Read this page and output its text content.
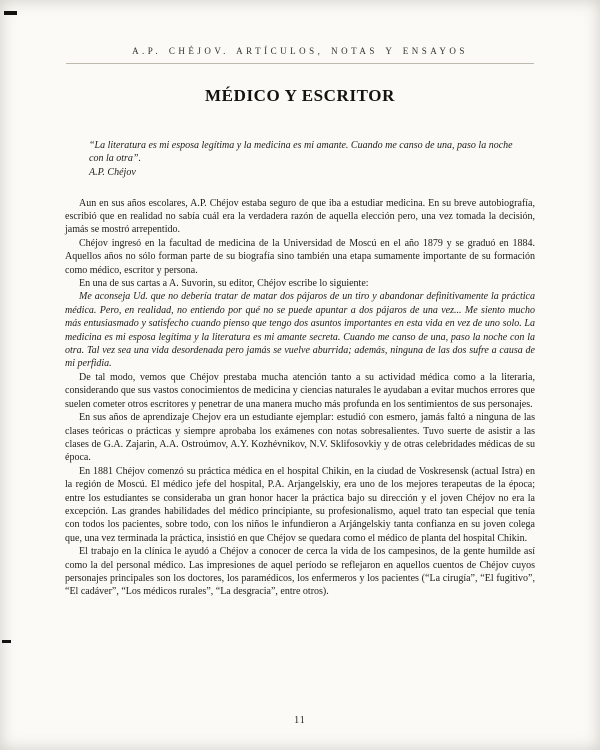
A.P. CHÉJOV. ARTÍCULOS, NOTAS Y ENSAYOS
MÉDICO Y ESCRITOR

“La literatura es mi esposa legítima y la medicina es mi amante. Cuando me canso de una, paso la noche con la otra”.

A.P. Chéjov

Aun en sus años escolares, A.P. Chéjov estaba seguro de que iba a estudiar medicina. En su breve autobiografía, escribió que en realidad no sabía cuál era la verdadera razón de aquella elección pero, una vez tomada la decisión, jamás se mostró arrepentido.

Chéjov ingresó en la facultad de medicina de la Universidad de Moscú en el año 1879 y se graduó en 1884. Aquellos años no sólo forman parte de su biografía sino también una etapa sumamente importante de su formación como médico, escritor y persona.

En una de sus cartas a A. Suvorin, su editor, Chéjov escribe lo siguiente:

Me aconseja Ud. que no debería tratar de matar dos pájaros de un tiro y abandonar definitivamente la práctica médica. Pero, en realidad, no entiendo por qué no se puede apuntar a dos pájaros de una vez... Me siento mucho más entusiasmado y satisfecho cuando pienso que tengo dos asuntos importantes en esta vida en vez de uno solo. La medicina es mi esposa legítima y la literatura es mi amante secreta. Cuando me canso de una, paso la noche con la otra. Tal vez sea una vida desordenada pero jamás se vuelve aburrida; además, ninguna de las dos sufre a causa de mi perfidia.

De tal modo, vemos que Chéjov prestaba mucha atención tanto a su actividad médica como a la literaria, considerando que sus vastos conocimientos de medicina y ciencias naturales le ayudaban a evitar muchos errores que suelen cometer otros escritores y penetrar de una manera mucho más profunda en los sentimientos de sus personajes.

En sus años de aprendizaje Chejov era un estudiante ejemplar: estudió con esmero, jamás faltó a ninguna de las clases teóricas o prácticas y siempre aprobaba los exámenes con notas sobresalientes. Tuvo suerte de asistir a las clases de G.A. Zajarin, A.A. Ostroúmov, A.Y. Kozhévnikov, N.V. Sklifosovkiy y de otras celebridades médicas de su época.

En 1881 Chéjov comenzó su práctica médica en el hospital Chikin, en la ciudad de Voskresensk (actual Istra) en la región de Moscú. El médico jefe del hospital, P.A. Arjangelskiy, era uno de los mejores terapeutas de la época; entre los estudiantes se consideraba un gran honor hacer la práctica bajo su dirección y el joven Chéjov no era la excepción. Las grandes habilidades del médico principiante, su profesionalismo, aquel trato tan especial que tenía con todos los pacientes, sobre todo, con los niños le infundieron a Arjángelskiy tanta confianza en su joven colega que, una vez terminada la práctica, insistió en que Chéjov se quedara como el médico de planta del hospital Chikin.

El trabajo en la clínica le ayudó a Chéjov a conocer de cerca la vida de los campesinos, de la gente humilde así como la del personal médico. Las impresiones de aquel período se reflejaron en aquellos cuentos de Chéjov cuyos personajes principales son los doctores, los paramédicos, los enfermeros y los pacientes (“La cirugía”, “El fugitivo”, “El cadáver”, “Los médicos rurales”, “La desgracia”, entre otros).

11
